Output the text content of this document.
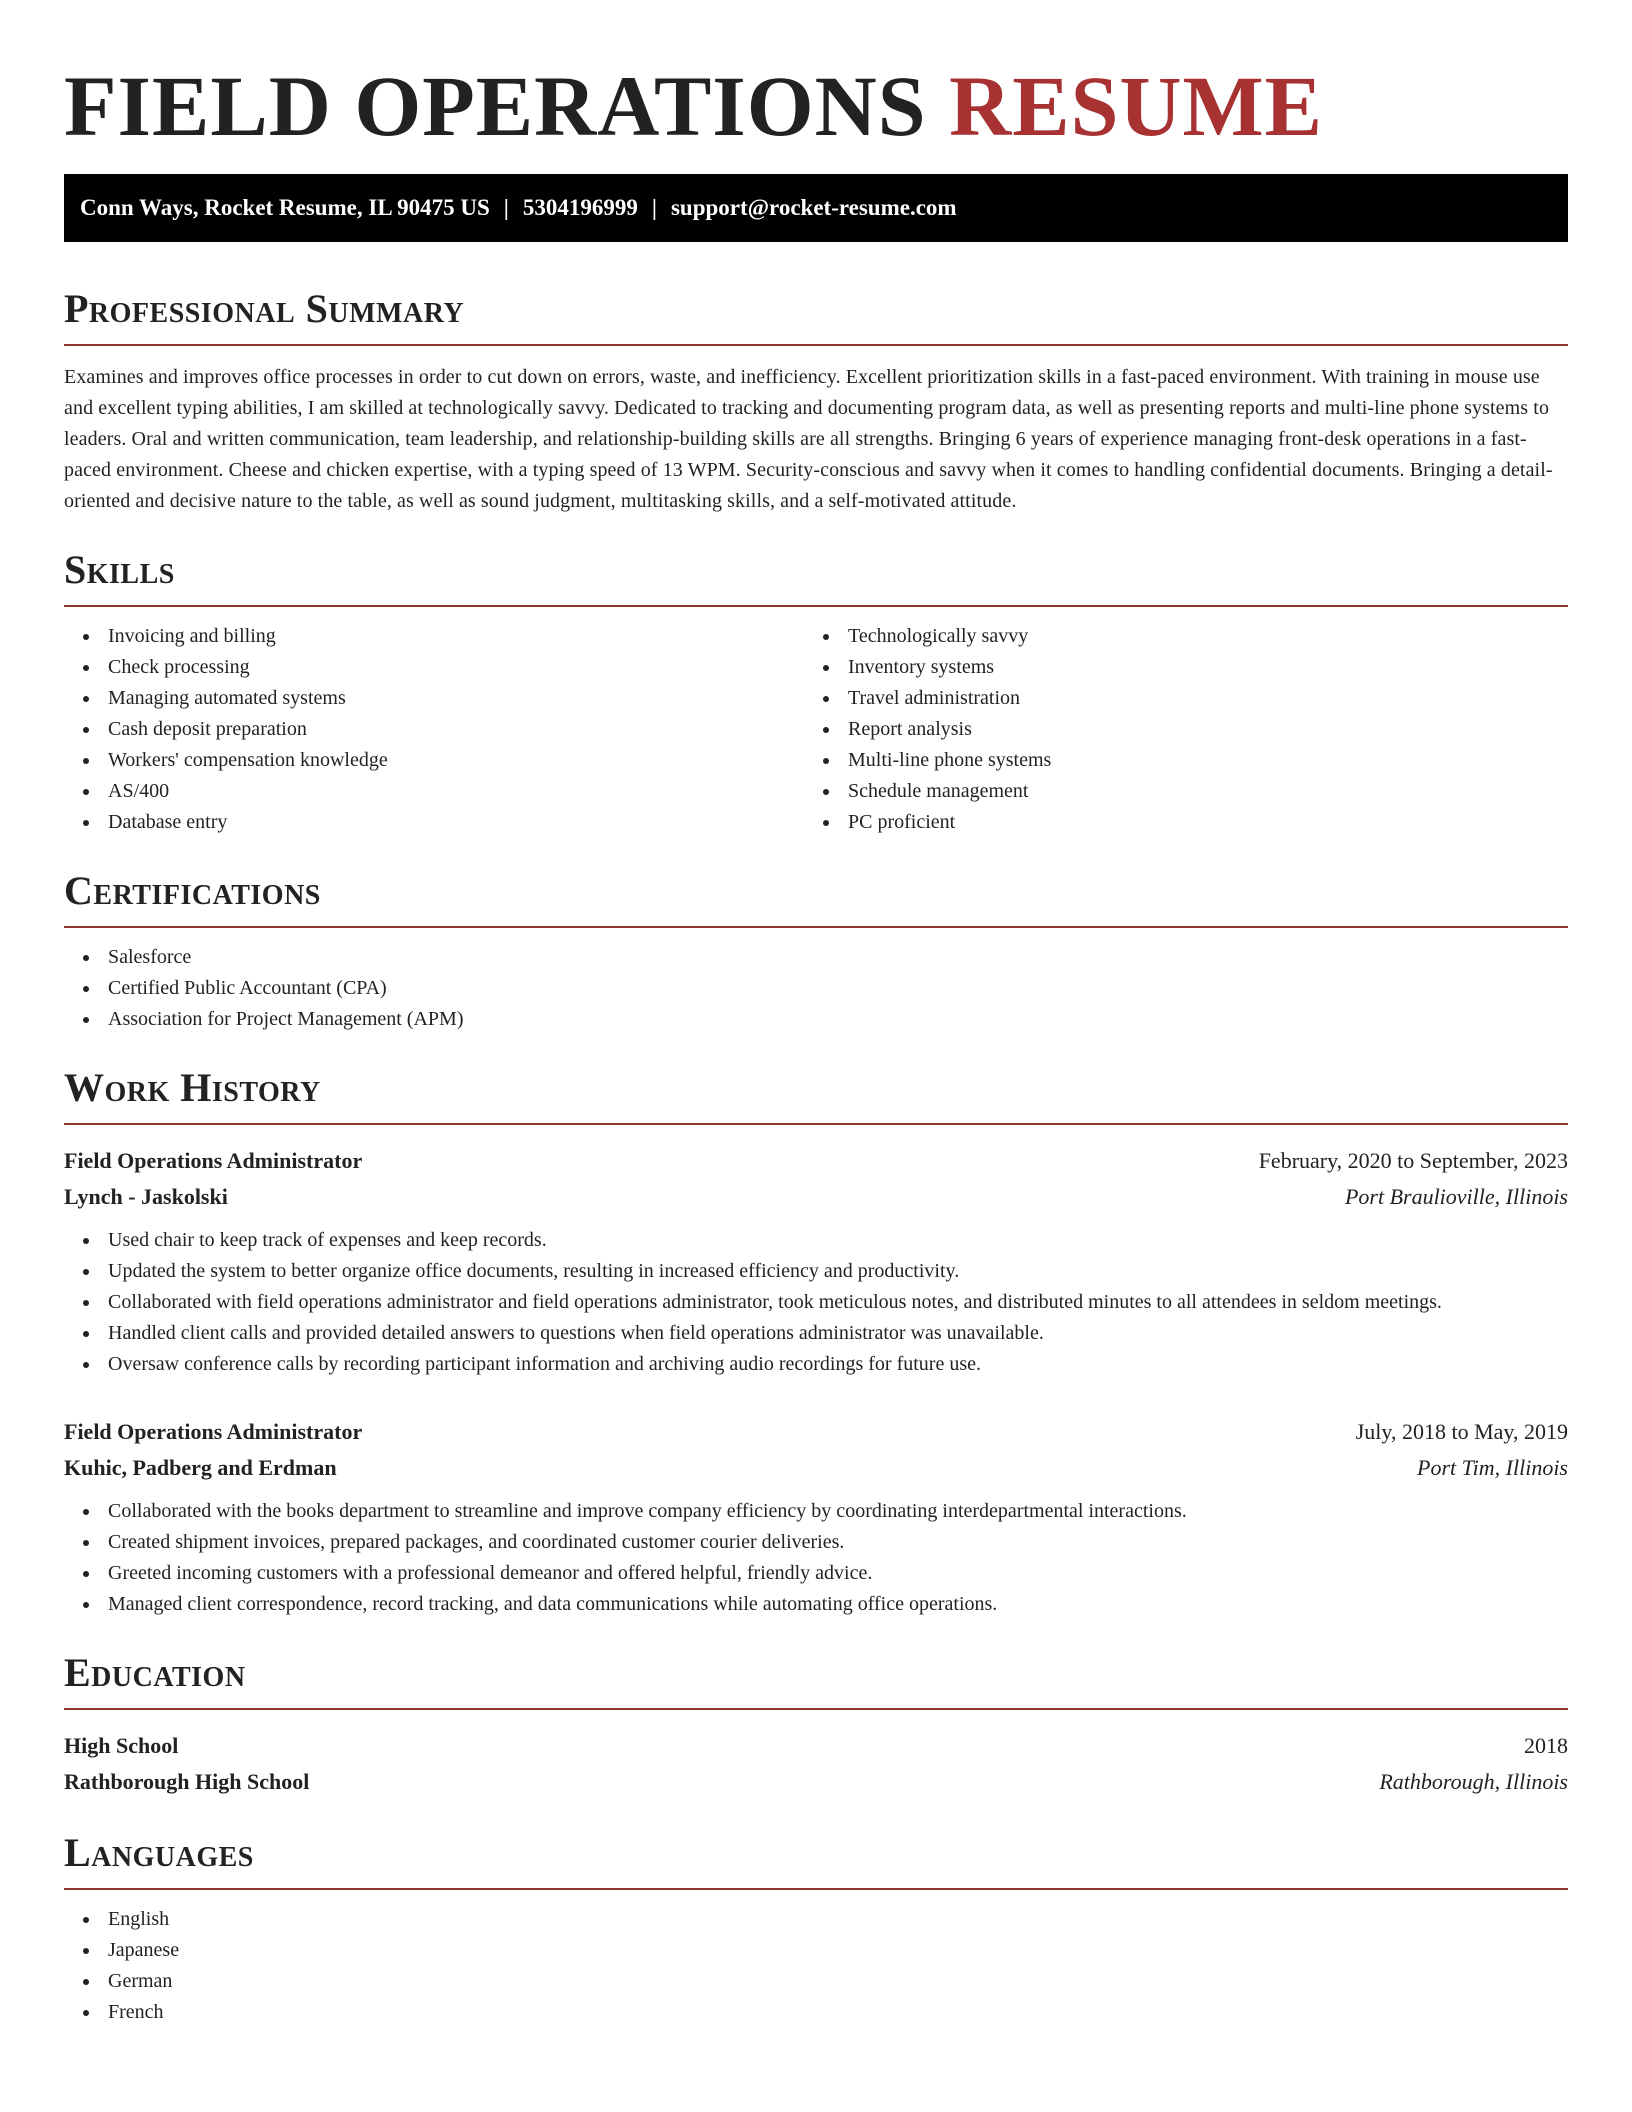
FIELD OPERATIONS RESUME
Conn Ways, Rocket Resume, IL 90475 US | 5304196999 | support@rocket-resume.com
Professional Summary

Examines and improves office processes in order to cut down on errors, waste, and inefficiency. Excellent prioritization skills in a fast-paced environment. With training in mouse use and excellent typing abilities, I am skilled at technologically savvy. Dedicated to tracking and documenting program data, as well as presenting reports and multi-line phone systems to leaders. Oral and written communication, team leadership, and relationship-building skills are all strengths. Bringing 6 years of experience managing front-desk operations in a fast-paced environment. Cheese and chicken expertise, with a typing speed of 13 WPM. Security-conscious and savvy when it comes to handling confidential documents. Bringing a detail-oriented and decisive nature to the table, as well as sound judgment, multitasking skills, and a self-motivated attitude.

Skills
Invoicing and billing
Check processing
Managing automated systems
Cash deposit preparation
Workers' compensation knowledge
AS/400
Database entry
Technologically savvy
Inventory systems
Travel administration
Report analysis
Multi-line phone systems
Schedule management
PC proficient
Certifications
Salesforce
Certified Public Accountant (CPA)
Association for Project Management (APM)
Work History
Field Operations Administrator	February, 2020 to September, 2023
Lynch - Jaskolski	Port Braulioville, Illinois
Used chair to keep track of expenses and keep records.
Updated the system to better organize office documents, resulting in increased efficiency and productivity.
Collaborated with field operations administrator and field operations administrator, took meticulous notes, and distributed minutes to all attendees in seldom meetings.
Handled client calls and provided detailed answers to questions when field operations administrator was unavailable.
Oversaw conference calls by recording participant information and archiving audio recordings for future use.
Field Operations Administrator	July, 2018 to May, 2019
Kuhic, Padberg and Erdman	Port Tim, Illinois
Collaborated with the books department to streamline and improve company efficiency by coordinating interdepartmental interactions.
Created shipment invoices, prepared packages, and coordinated customer courier deliveries.
Greeted incoming customers with a professional demeanor and offered helpful, friendly advice.
Managed client correspondence, record tracking, and data communications while automating office operations.
Education
High School	2018
Rathborough High School	Rathborough, Illinois
Languages
English
Japanese
German
French
